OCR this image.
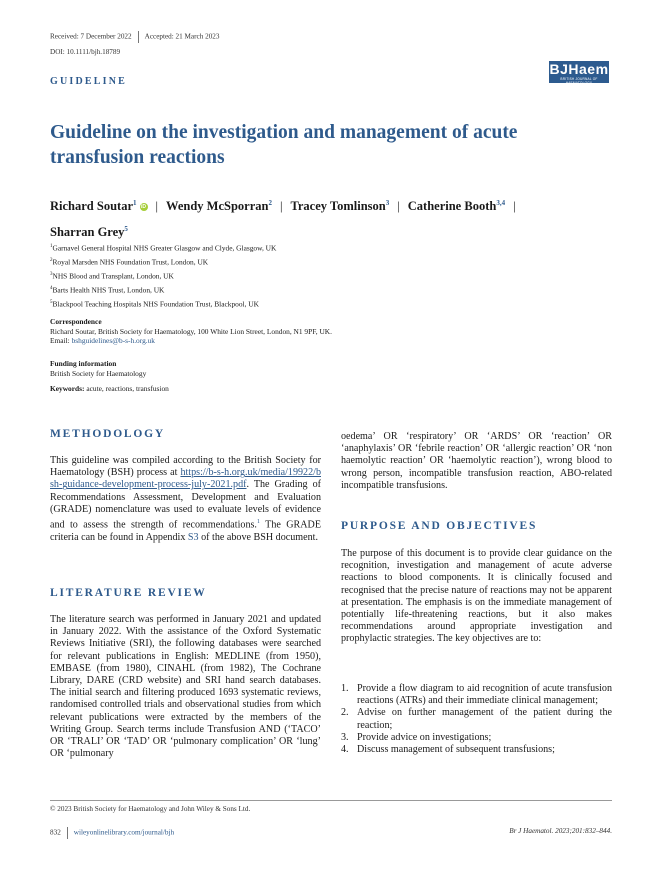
Received: 7 December 2022 Accepted: 21 March 2023
DOI: 10.1111/bjh.18789
GUIDELINE
BJHaem
BRITISH JOURNAL OF HAEMATOLOGY
Guideline on the investigation and management of acute
transfusion reactions
Richard Soutar$^1$iD | Wendy McSporran$^2$ | Tracey Tomlinson$^3$ | Catherine Booth$^{3,4}$ |
Sharran Grey$^5$
$^1$Garnavel General Hospital NHS Greater Glasgow and Clyde, Glasgow, UK
$^2$Royal Marsden NHS Foundation Trust, London, UK
$^3$NHS Blood and Transplant, London, UK
$^4$Barts Health NHS Trust, London, UK
$^5$Blackpool Teaching Hospitals NHS Foundation Trust, Blackpool, UK
Correspondence
Richard Soutar, British Society for Haematology, 100 White Lion Street, London, N1 9PF, UK.
Email: bshguidelines@b-s-h.org.uk
Funding information
British Society for Haematology
Keywords: acute, reactions, transfusion
METHODOLOGY
This guideline was compiled according to the British Society for Haematology (BSH) process at https://b-s-h.org.uk/media/19922/bsh-guidance-development-process-july-2021.pdf. The Grading of Recommendations Assessment, Development and Evaluation (GRADE) nomenclature was used to evaluate levels of evidence and to assess the strength of recommendations.$^1$ The GRADE criteria can be found in Appendix S3 of the above BSH document.
LITERATURE REVIEW
The literature search was performed in January 2021 and updated in January 2022. With the assistance of the Oxford Systematic Reviews Initiative (SRI), the following databases were searched for relevant publications in English: MEDLINE (from 1950), EMBASE (from 1980), CINAHL (from 1982), The Cochrane Library, DARE (CRD website) and SRI hand search databases. The initial search and filtering produced 1693 systematic reviews, randomised controlled trials and observational studies from which relevant publications were extracted by the members of the Writing Group. Search terms include Transfusion AND (‘TACO’ OR ‘TRALI’ OR ‘TAD’ OR ‘pulmonary complication’ OR ‘lung’ OR ‘pulmonary
oedema’ OR ‘respiratory’ OR ‘ARDS’ OR ‘reaction’ OR ‘anaphylaxis’ OR ‘febrile reaction’ OR ‘allergic reaction’ OR ‘non haemolytic reaction’ OR ‘haemolytic reaction’), wrong blood to wrong person, incompatible transfusion reaction, ABO-related incompatible transfusions.
PURPOSE AND OBJECTIVES
The purpose of this document is to provide clear guidance on the recognition, investigation and management of acute adverse reactions to blood components. It is clinically focused and recognised that the precise nature of reactions may not be apparent at presentation. The emphasis is on the immediate management of potentially life-threatening reactions, but it also makes recommendations around appropriate investigation and prophylactic strategies. The key objectives are to:
1. Provide a flow diagram to aid recognition of acute transfusion reactions (ATRs) and their immediate clinical management;
2. Advise on further management of the patient during the reaction;
3. Provide advice on investigations;
4. Discuss management of subsequent transfusions;
© 2023 British Society for Haematology and John Wiley & Sons Ltd.
832 wileyonlinelibrary.com/journal/bjh	Br J Haematol. 2023;201:832–844.
